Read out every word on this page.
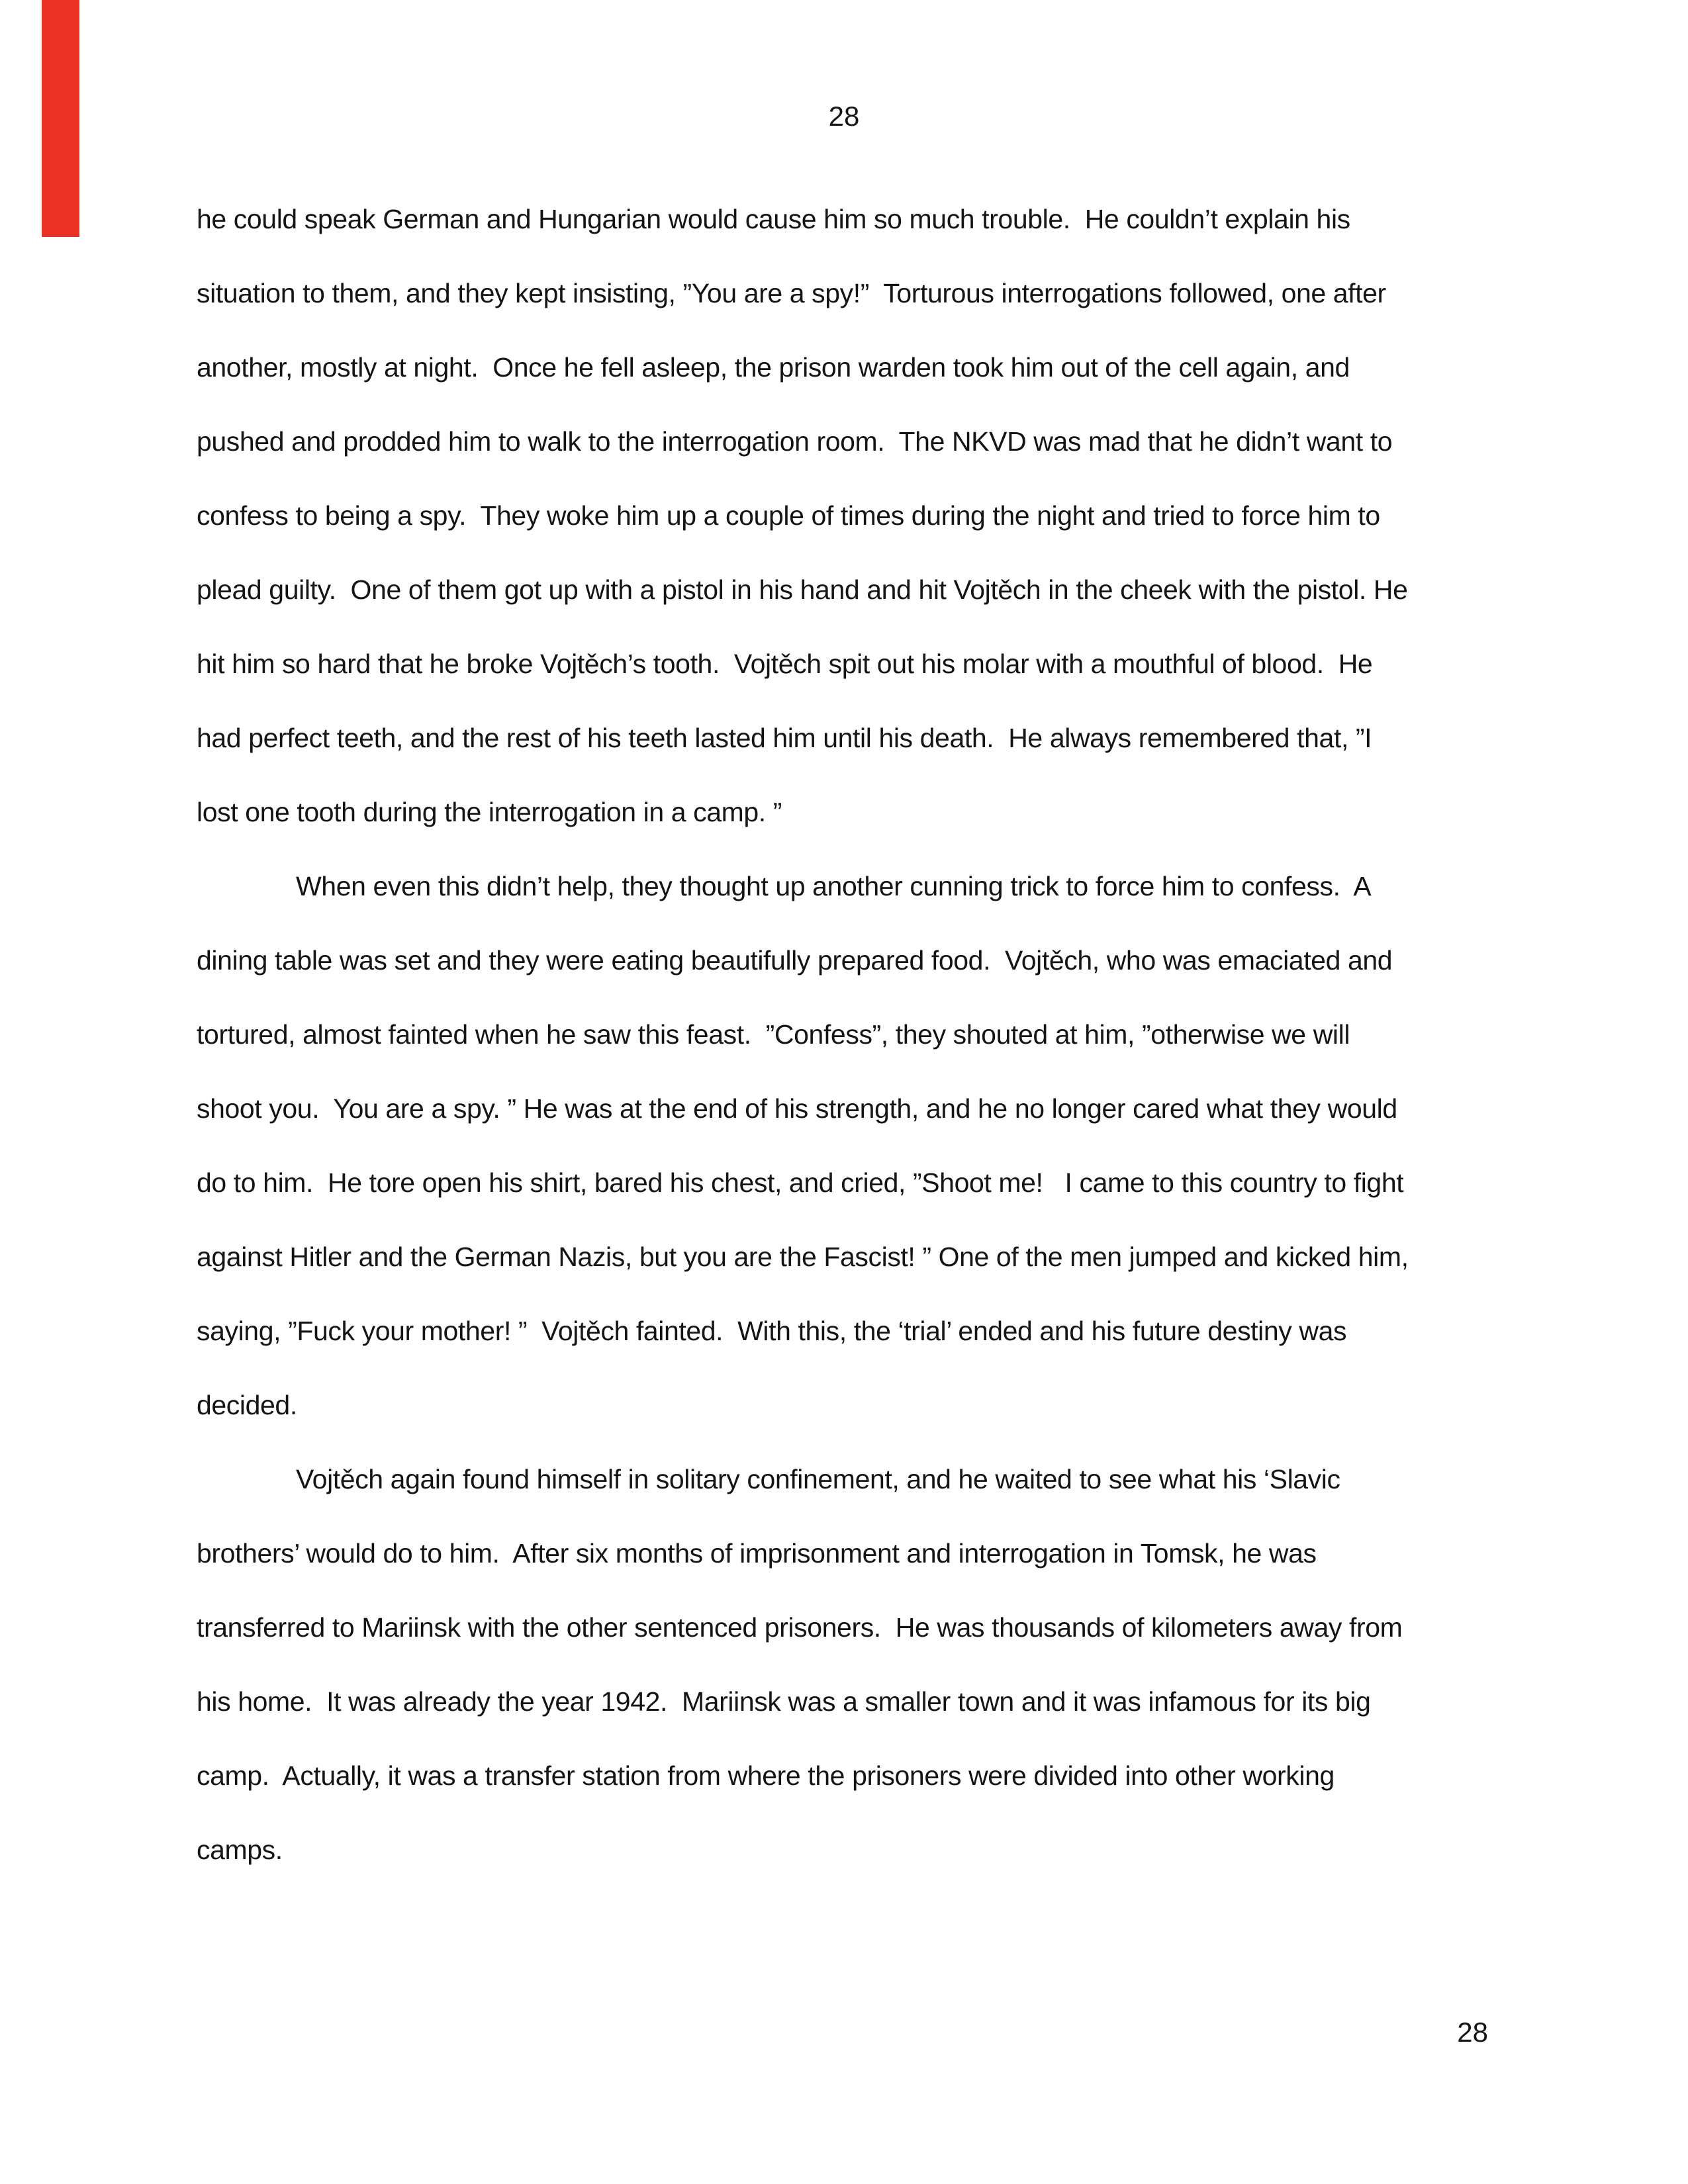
28
he could speak German and Hungarian would cause him so much trouble.  He couldn’t explain his
situation to them, and they kept insisting, ”You are a spy!”  Torturous interrogations followed, one after
another, mostly at night.  Once he fell asleep, the prison warden took him out of the cell again, and
pushed and prodded him to walk to the interrogation room.  The NKVD was mad that he didn’t want to
confess to being a spy.  They woke him up a couple of times during the night and tried to force him to
plead guilty.  One of them got up with a pistol in his hand and hit Vojtěch in the cheek with the pistol. He
hit him so hard that he broke Vojtěch’s tooth.  Vojtěch spit out his molar with a mouthful of blood.  He
had perfect teeth, and the rest of his teeth lasted him until his death.  He always remembered that, ”I
lost one tooth during the interrogation in a camp. ”
When even this didn’t help, they thought up another cunning trick to force him to confess.  A
dining table was set and they were eating beautifully prepared food.  Vojtěch, who was emaciated and
tortured, almost fainted when he saw this feast.  ”Confess”, they shouted at him, ”otherwise we will
shoot you.  You are a spy. ” He was at the end of his strength, and he no longer cared what they would
do to him.  He tore open his shirt, bared his chest, and cried, ”Shoot me!   I came to this country to fight
against Hitler and the German Nazis, but you are the Fascist! ” One of the men jumped and kicked him,
saying, ”Fuck your mother! ”  Vojtěch fainted.  With this, the ‘trial’ ended and his future destiny was
decided.
Vojtěch again found himself in solitary confinement, and he waited to see what his ‘Slavic
brothers’ would do to him.  After six months of imprisonment and interrogation in Tomsk, he was
transferred to Mariinsk with the other sentenced prisoners.  He was thousands of kilometers away from
his home.  It was already the year 1942.  Mariinsk was a smaller town and it was infamous for its big
camp.  Actually, it was a transfer station from where the prisoners were divided into other working
camps.
28
